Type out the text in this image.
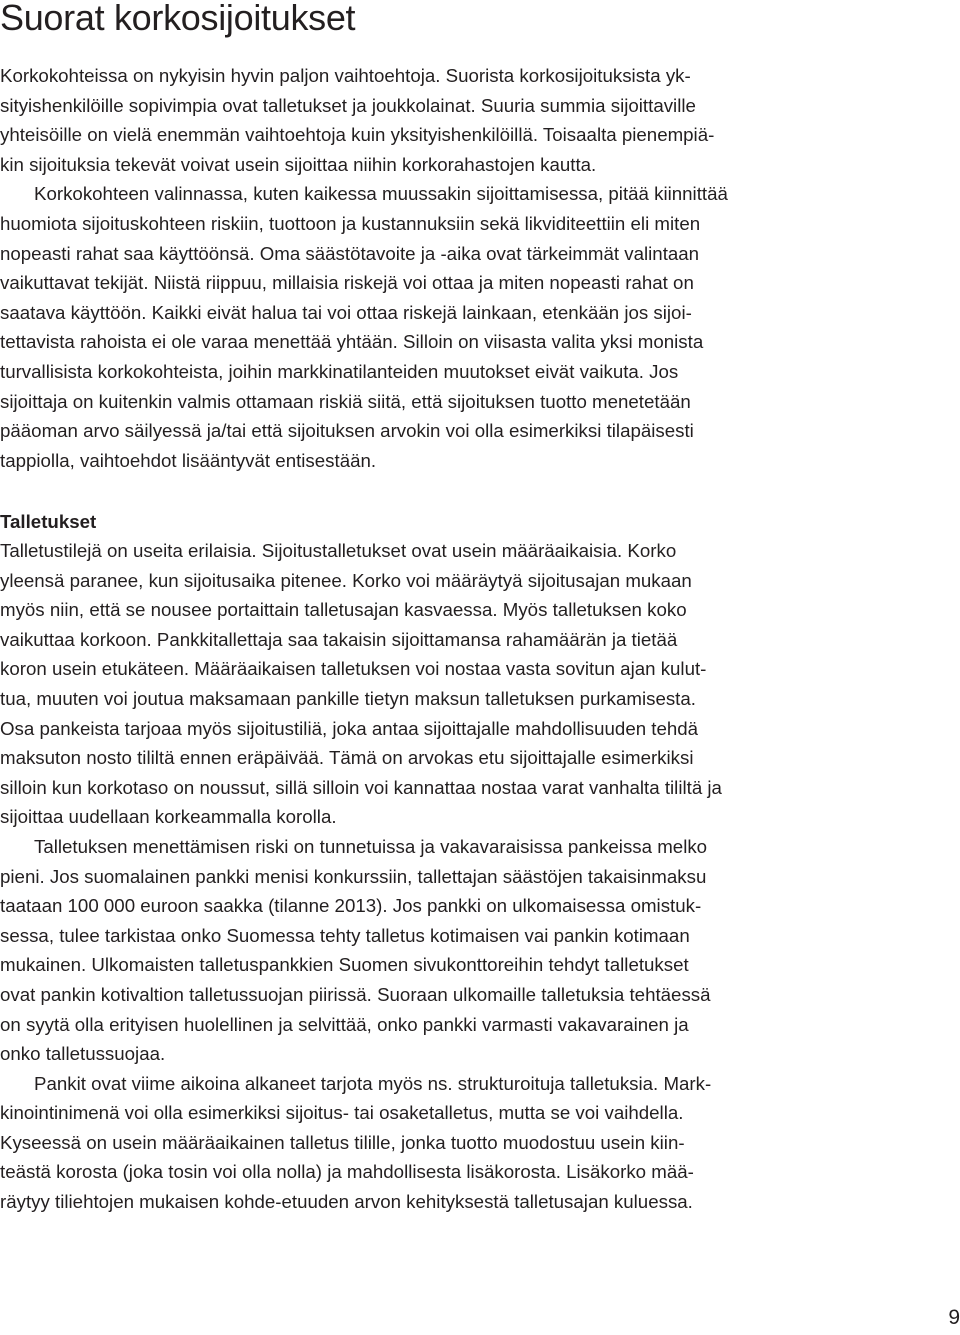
Suorat korkosijoitukset
Korkokohteissa on nykyisin hyvin paljon vaihtoehtoja. Suorista korkosijoituksista yk-
sityishenkilöille sopivimpia ovat talletukset ja joukkolainat. Suuria summia sijoittaville
yhteisöille on vielä enemmän vaihtoehtoja kuin yksityishenkilöillä. Toisaalta pienempiä-
kin sijoituksia tekevät voivat usein sijoittaa niihin korkorahastojen kautta.
Korkokohteen valinnassa, kuten kaikessa muussakin sijoittamisessa, pitää kiinnittää
huomiota sijoituskohteen riskiin, tuottoon ja kustannuksiin sekä likviditeettiin eli miten
nopeasti rahat saa käyttöönsä. Oma säästötavoite ja -aika ovat tärkeimmät valintaan
vaikuttavat tekijät. Niistä riippuu, millaisia riskejä voi ottaa ja miten nopeasti rahat on
saatava käyttöön. Kaikki eivät halua tai voi ottaa riskejä lainkaan, etenkään jos sijoi-
tettavista rahoista ei ole varaa menettää yhtään. Silloin on viisasta valita yksi monista
turvallisista korkokohteista, joihin markkinatilanteiden muutokset eivät vaikuta. Jos
sijoittaja on kuitenkin valmis ottamaan riskiä siitä, että sijoituksen tuotto menetetään
pääoman arvo säilyessä ja/tai että sijoituksen arvokin voi olla esimerkiksi tilapäisesti
tappiolla, vaihtoehdot lisääntyvät entisestään.
Talletukset
Talletustilejä on useita erilaisia. Sijoitustalletukset ovat usein määräaikaisia. Korko
yleensä paranee, kun sijoitusaika pitenee. Korko voi määräytyä sijoitusajan mukaan
myös niin, että se nousee portaittain talletusajan kasvaessa. Myös talletuksen koko
vaikuttaa korkoon. Pankkitallettaja saa takaisin sijoittamansa rahamäärän ja tietää
koron usein etukäteen. Määräaikaisen talletuksen voi nostaa vasta sovitun ajan kulut-
tua, muuten voi joutua maksamaan pankille tietyn maksun talletuksen purkamisesta.
Osa pankeista tarjoaa myös sijoitustiliä, joka antaa sijoittajalle mahdollisuuden tehdä
maksuton nosto tililtä ennen eräpäivää. Tämä on arvokas etu sijoittajalle esimerkiksi
silloin kun korkotaso on noussut, sillä silloin voi kannattaa nostaa varat vanhalta tililtä ja
sijoittaa uudellaan korkeammalla korolla.
Talletuksen menettämisen riski on tunnetuissa ja vakavaraisissa pankeissa melko
pieni. Jos suomalainen pankki menisi konkurssiin, tallettajan säästöjen takaisinmaksu
taataan 100 000 euroon saakka (tilanne 2013). Jos pankki on ulkomaisessa omistuk-
sessa, tulee tarkistaa onko Suomessa tehty talletus kotimaisen vai pankin kotimaan
mukainen. Ulkomaisten talletuspankkien Suomen sivukonttoreihin tehdyt talletukset
ovat pankin kotivaltion talletussuojan piirissä. Suoraan ulkomaille talletuksia tehtäessä
on syytä olla erityisen huolellinen ja selvittää, onko pankki varmasti vakavarainen ja
onko talletussuojaa.
Pankit ovat viime aikoina alkaneet tarjota myös ns. strukturoituja talletuksia. Mark-
kinointinimenä voi olla esimerkiksi sijoitus- tai osaketalletus, mutta se voi vaihdella.
Kyseessä on usein määräaikainen talletus tilille, jonka tuotto muodostuu usein kiin-
teästä korosta (joka tosin voi olla nolla) ja mahdollisesta lisäkorosta. Lisäkorko mää-
räytyy tiliehtojen mukaisen kohde-etuuden arvon kehityksestä talletusajan kuluessa.
9
